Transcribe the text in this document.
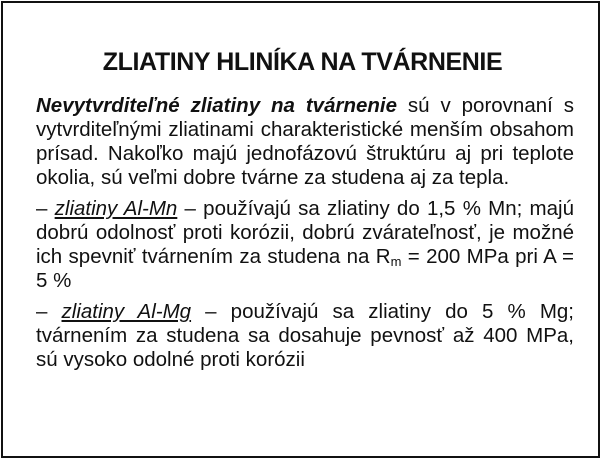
ZLIATINY HLINÍKA NA TVÁRNENIE

Nevytvrditeľné zliatiny na tvárnenie sú v porovnaní s vytvrditeľnými zliatinami charakteristické menším obsahom prísad. Nakoľko majú jednofázovú štruktúru aj pri teplote okolia, sú veľmi dobre tvárne za studena aj za tepla.

– zliatiny Al-Mn – používajú sa zliatiny do 1,5 % Mn; majú dobrú odolnosť proti korózii, dobrú zvárateľnosť, je možné ich spevniť tvárnením za studena na $R_m = 200$ MPa pri A = 5 %

– zliatiny Al-Mg – používajú sa zliatiny do 5 % Mg; tvárnením za studena sa dosahuje pevnosť až 400 MPa, sú vysoko odolné proti korózii
